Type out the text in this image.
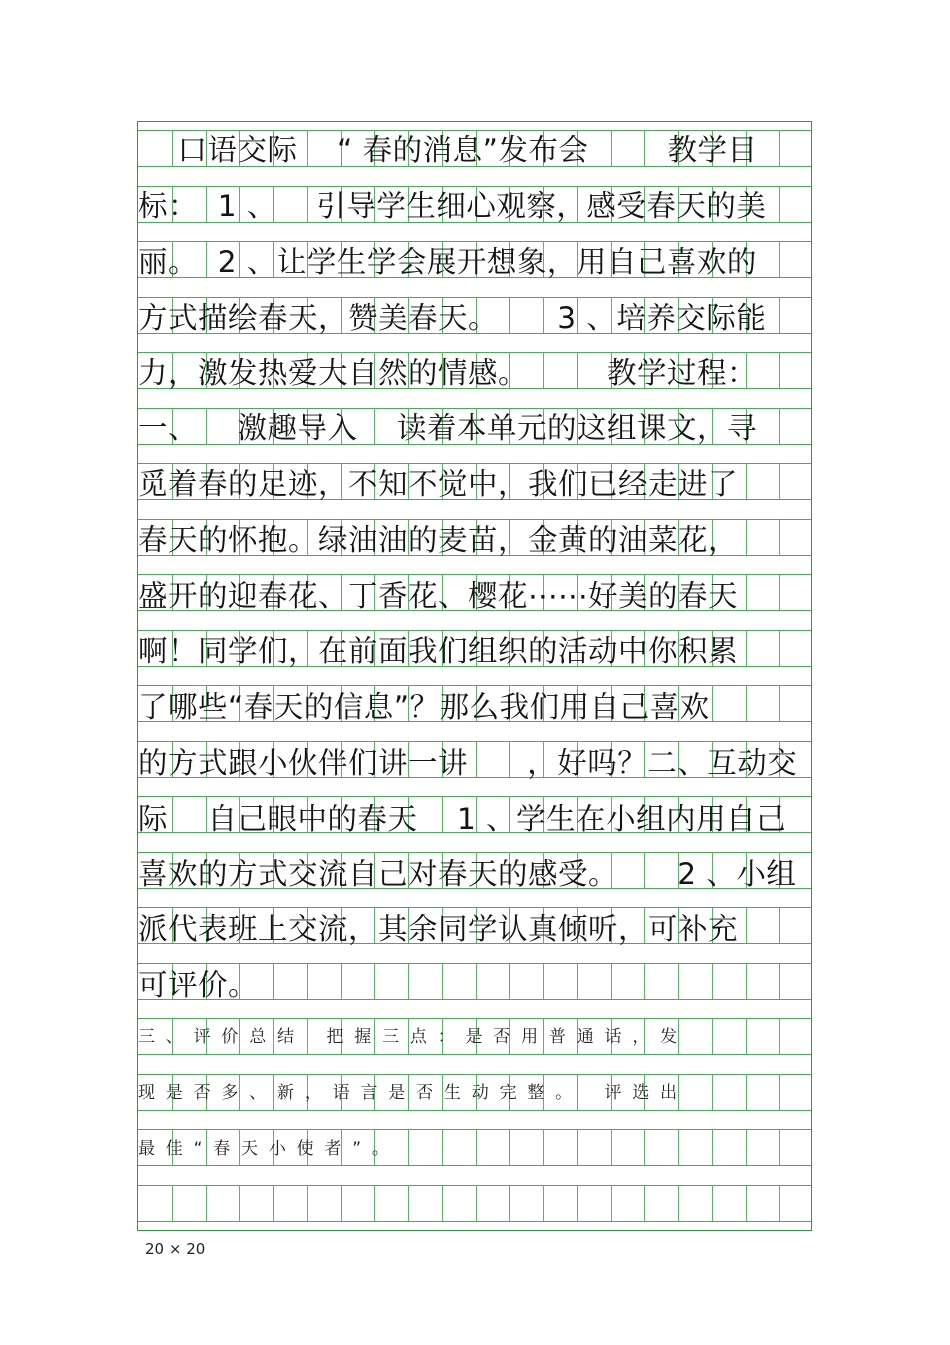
口语交际    “ 春的消息”发布会        教学目

标：  1 、    引导学生细心观察，感受春天的美

丽。  2 、让学生学会展开想象，用自己喜欢的

方式描绘春天，赞美春天。      3 、培养交际能

力，激发热爱大自然的情感。        教学过程：

一、    激趣导入    读着本单元的这组课文，寻

觅着春的足迹，不知不觉中，我们已经走进了

春天的怀抱。绿油油的麦苗，金黄的油菜花，

盛开的迎春花、丁香花、樱花⋯⋯好美的春天

啊！同学们，在前面我们组织的活动中你积累

了哪些“春天的信息”？那么我们用自己喜欢

的方式跟小伙伴们讲一讲      ，好吗？二、互动交

际    自己眼中的春天    1 、学生在小组内用自己

喜欢的方式交流自己对春天的感受。      2 、小组

派代表班上交流，其余同学认真倾听，可补充

可评价。

三  、  评  价  总  结      把  握  三  点  ：  是  否  用  普  通  话  ，  发

现  是  否  多  、  新  ，  语  言  是  否  生  动  完  整  。      评  选  出

最  佳  “  春  天  小  使  者  ”  。

20 × 20
